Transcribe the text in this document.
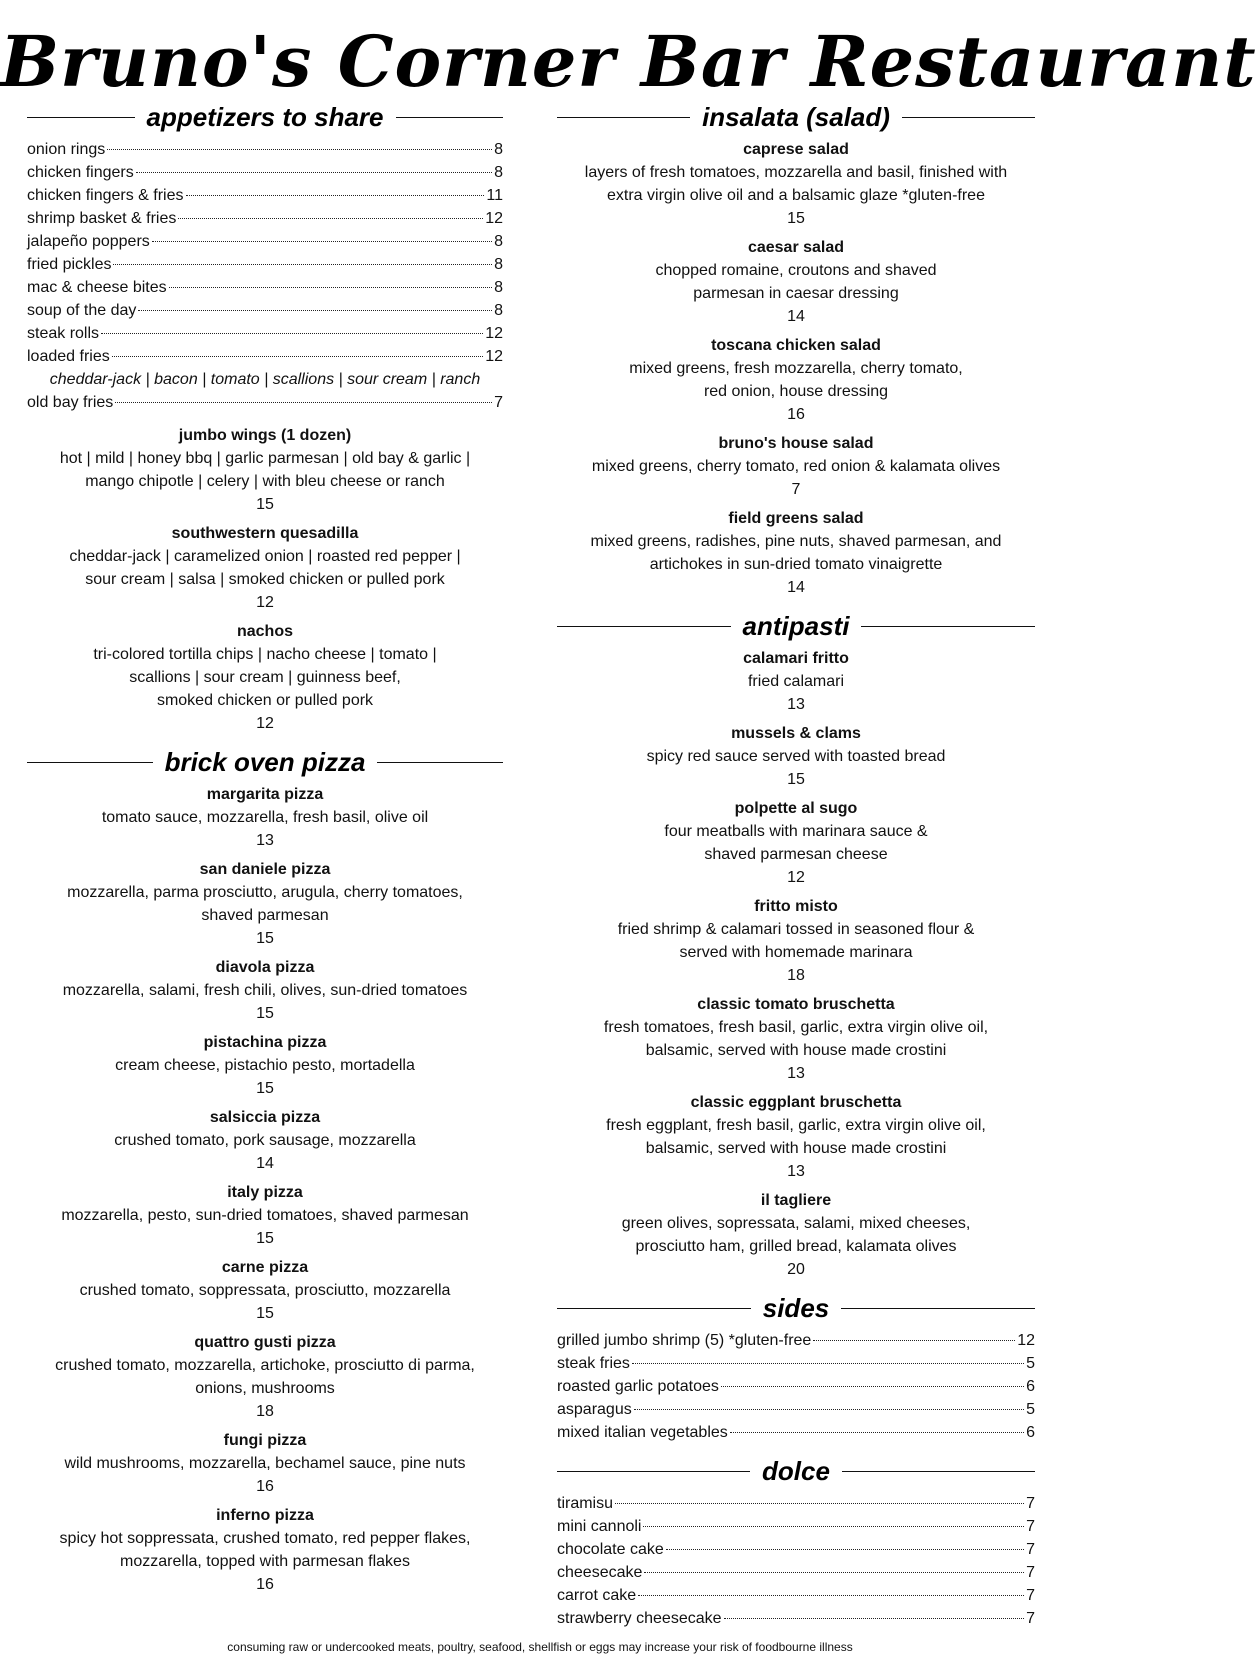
Bruno's Corner Bar Restaurant
appetizers to share
onion rings	8
chicken fingers	8
chicken fingers & fries	11
shrimp basket & fries	12
jalapeño poppers	8
fried pickles	8
mac & cheese bites	8
soup of the day	8
steak rolls	12
loaded fries	12
cheddar-jack | bacon | tomato | scallions | sour cream | ranch
old bay fries	7
jumbo wings (1 dozen)
hot | mild | honey bbq | garlic parmesan | old bay & garlic |
mango chipotle | celery | with bleu cheese or ranch
15
southwestern quesadilla
cheddar-jack | caramelized onion | roasted red pepper |
sour cream | salsa | smoked chicken or pulled pork
12
nachos
tri-colored tortilla chips | nacho cheese | tomato |
scallions | sour cream | guinness beef,
smoked chicken or pulled pork
12
brick oven pizza
margarita pizza
tomato sauce, mozzarella, fresh basil, olive oil
13
san daniele pizza
mozzarella, parma prosciutto, arugula, cherry tomatoes,
shaved parmesan
15
diavola pizza
mozzarella, salami, fresh chili, olives, sun-dried tomatoes
15
pistachina pizza
cream cheese, pistachio pesto, mortadella
15
salsiccia pizza
crushed tomato, pork sausage, mozzarella
14
italy pizza
mozzarella, pesto, sun-dried tomatoes, shaved parmesan
15
carne pizza
crushed tomato, soppressata, prosciutto, mozzarella
15
quattro gusti pizza
crushed tomato, mozzarella, artichoke, prosciutto di parma,
onions, mushrooms
18
fungi pizza
wild mushrooms, mozzarella, bechamel sauce, pine nuts
16
inferno pizza
spicy hot soppressata, crushed tomato, red pepper flakes,
mozzarella, topped with parmesan flakes
16
insalata (salad)
caprese salad
layers of fresh tomatoes, mozzarella and basil, finished with
extra virgin olive oil and a balsamic glaze *gluten-free
15
caesar salad
chopped romaine, croutons and shaved
parmesan in caesar dressing
14
toscana chicken salad
mixed greens, fresh mozzarella, cherry tomato,
red onion, house dressing
16
bruno's house salad
mixed greens, cherry tomato, red onion & kalamata olives
7
field greens salad
mixed greens, radishes, pine nuts, shaved parmesan, and
artichokes in sun-dried tomato vinaigrette
14
antipasti
calamari fritto
fried calamari
13
mussels & clams
spicy red sauce served with toasted bread
15
polpette al sugo
four meatballs with marinara sauce &
shaved parmesan cheese
12
fritto misto
fried shrimp & calamari tossed in seasoned flour &
served with homemade marinara
18
classic tomato bruschetta
fresh tomatoes, fresh basil, garlic, extra virgin olive oil,
balsamic, served with house made crostini
13
classic eggplant bruschetta
fresh eggplant, fresh basil, garlic, extra virgin olive oil,
balsamic, served with house made crostini
13
il tagliere
green olives, sopressata, salami, mixed cheeses,
prosciutto ham, grilled bread, kalamata olives
20
sides
grilled jumbo shrimp (5) *gluten-free	12
steak fries	5
roasted garlic potatoes	6
asparagus	5
mixed italian vegetables	6
dolce
tiramisu	7
mini cannoli	7
chocolate cake	7
cheesecake	7
carrot cake	7
strawberry cheesecake	7
consuming raw or undercooked meats, poultry, seafood, shellfish or eggs may increase your risk of foodbourne illness
